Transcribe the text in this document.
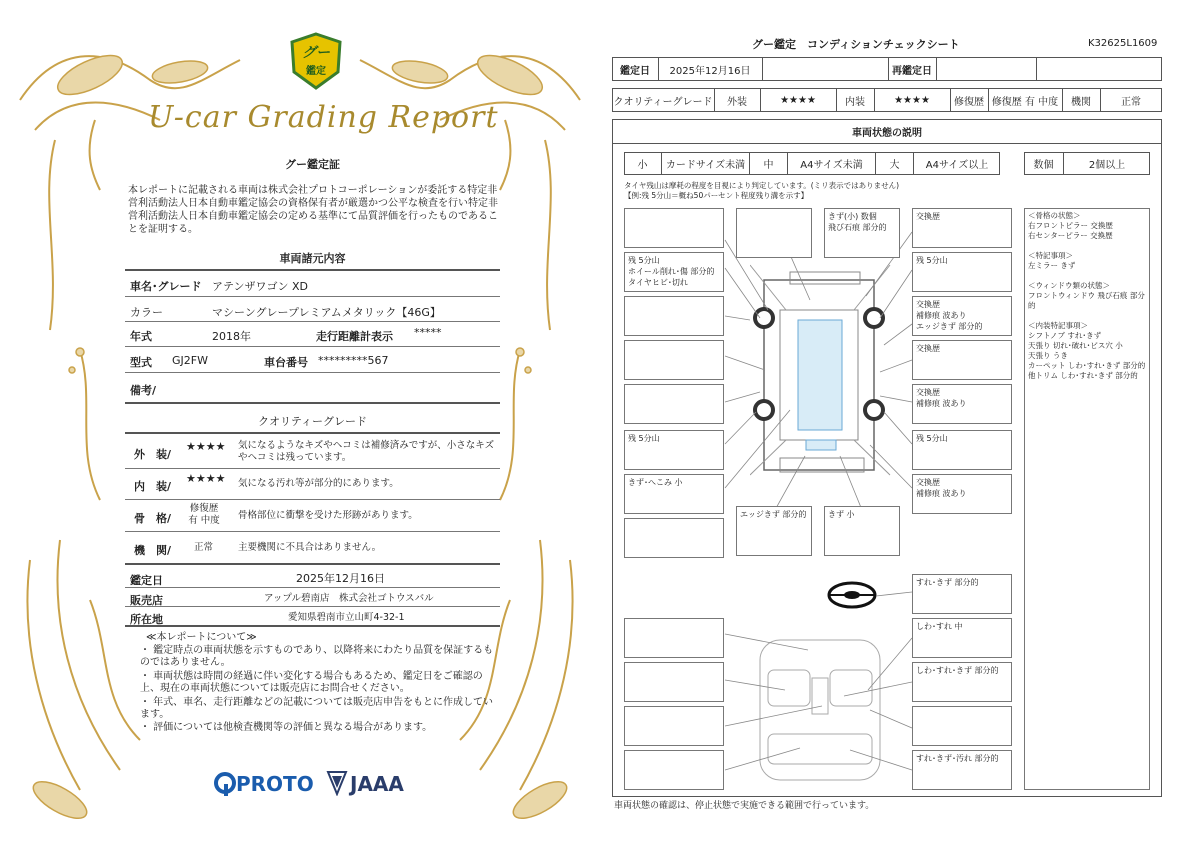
グー
鑑定
U-car Grading Report
グー鑑定証
本レポートに記載される車両は株式会社プロトコーポレーションが委託する特定非営利活動法人日本自動車鑑定協会の資格保有者が厳選かつ公平な検査を行い特定非営利活動法人日本自動車鑑定協会の定める基準にて品質評価を行ったものであることを証明する。
車両諸元内容
車名･グレード アテンザワゴン XD
カラー	マシーングレープレミアムメタリック【46G】
年式	2018年	走行距離計表示 *****
型式 GJ2FW	車台番号 *********567
備考/
クオリティーグレード
外　装/
★★★★ 気になるようなキズやヘコミは補修済みですが、小さなキズやヘコミは残っています。
内　装/
★★★★ 気になる汚れ等が部分的にあります。
骨　格/
修復歴 有 中度	骨格部位に衝撃を受けた形跡があります。
機　関/ 正常	主要機関に不具合はありません。
鑑定日	2025年12月16日
販売店	アップル碧南店　株式会社ゴトウスバル
所在地	愛知県碧南市立山町4-32-1
≪本レポートについて≫
・ 鑑定時点の車両状態を示すものであり、以降将来にわたり品質を保証するものではありません。
・ 車両状態は時間の経過に伴い変化する場合もあるため、鑑定日をご確認の上、現在の車両状態については販売店にお問合せください。
・ 年式、車名、走行距離などの記載については販売店申告をもとに作成しています。
・ 評価については他検査機関等の評価と異なる場合があります。
PROTO JAAA
グー鑑定　コンディションチェックシート	K32625L1609
鑑定日	2025年12月16日	再鑑定日
クオリティーグレード	外装	★★★★	内装	★★★★	修復歴 修復歴 有 中度	機関	正常
車両状態の説明
小	カードサイズ未満	中	A4サイズ未満	大	A4サイズ以上	数個	2個以上
タイヤ残山は摩耗の程度を目視により判定しています。(ミリ表示ではありません)
【例:残 5分山＝概ね50パーセント程度残り溝を示す】
残 5分山
ホイール削れ･傷 部分的
タイヤヒビ･切れ
残 5分山
きず･へこみ 小
きず(小) 数個
飛び石痕 部分的
エッジきず 部分的	きず 小
交換歴
残 5分山
交換歴
補修痕 波あり
エッジきず 部分的
交換歴
交換歴
補修痕 波あり
残 5分山
交換歴
補修痕 波あり
すれ･きず 部分的
しわ･すれ 中
しわ･すれ･きず 部分的
すれ･きず･汚れ 部分的
＜骨格の状態＞
右フロントピラー 交換歴
右センターピラー 交換歴
＜特記事項＞
左ミラー きず
＜ウィンドウ類の状態＞
フロントウィンドウ 飛び石痕 部分的
＜内装特記事項＞
シフトノブ すれ･きず
天張り 切れ･破れ･ビス穴 小
天張り うき
カーペット しわ･すれ･きず 部分的
他トリム しわ･すれ･きず 部分的
車両状態の確認は、停止状態で実施できる範囲で行っています。
